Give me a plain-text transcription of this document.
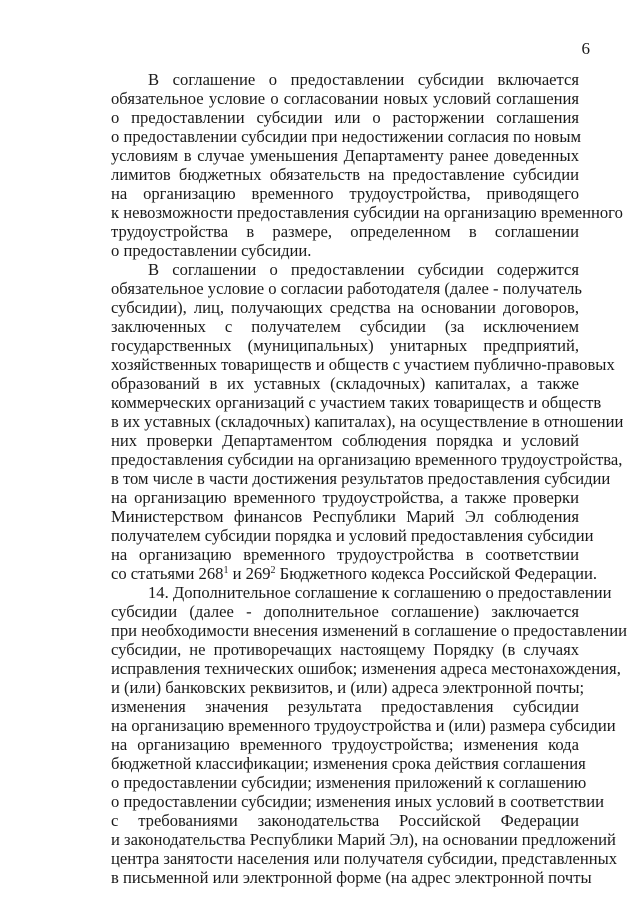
6
В соглашение о предоставлении субсидии включается
обязательное условие о согласовании новых условий соглашения
о предоставлении субсидии или о расторжении соглашения
о предоставлении субсидии при недостижении согласия по новым
условиям в случае уменьшения Департаменту ранее доведенных
лимитов бюджетных обязательств на предоставление субсидии
на организацию временного трудоустройства, приводящего
к невозможности предоставления субсидии на организацию временного
трудоустройства в размере, определенном в соглашении
о предоставлении субсидии.
В соглашении о предоставлении субсидии содержится
обязательное условие о согласии работодателя (далее - получатель
субсидии), лиц, получающих средства на основании договоров,
заключенных с получателем субсидии (за исключением
государственных (муниципальных) унитарных предприятий,
хозяйственных товариществ и обществ с участием публично-правовых
образований в их уставных (складочных) капиталах, а также
коммерческих организаций с участием таких товариществ и обществ
в их уставных (складочных) капиталах), на осуществление в отношении
них проверки Департаментом соблюдения порядка и условий
предоставления субсидии на организацию временного трудоустройства,
в том числе в части достижения результатов предоставления субсидии
на организацию временного трудоустройства, а также проверки
Министерством финансов Республики Марий Эл соблюдения
получателем субсидии порядка и условий предоставления субсидии
на организацию временного трудоустройства в соответствии
со статьями $268^1$ и $269^2$ Бюджетного кодекса Российской Федерации.
14. Дополнительное соглашение к соглашению о предоставлении
субсидии (далее - дополнительное соглашение) заключается
при необходимости внесения изменений в соглашение о предоставлении
субсидии, не противоречащих настоящему Порядку (в случаях
исправления технических ошибок; изменения адреса местонахождения,
и (или) банковских реквизитов, и (или) адреса электронной почты;
изменения значения результата предоставления субсидии
на организацию временного трудоустройства и (или) размера субсидии
на организацию временного трудоустройства; изменения кода
бюджетной классификации; изменения срока действия соглашения
о предоставлении субсидии; изменения приложений к соглашению
о предоставлении субсидии; изменения иных условий в соответствии
с требованиями законодательства Российской Федерации
и законодательства Республики Марий Эл), на основании предложений
центра занятости населения или получателя субсидии, представленных
в письменной или электронной форме (на адрес электронной почты
